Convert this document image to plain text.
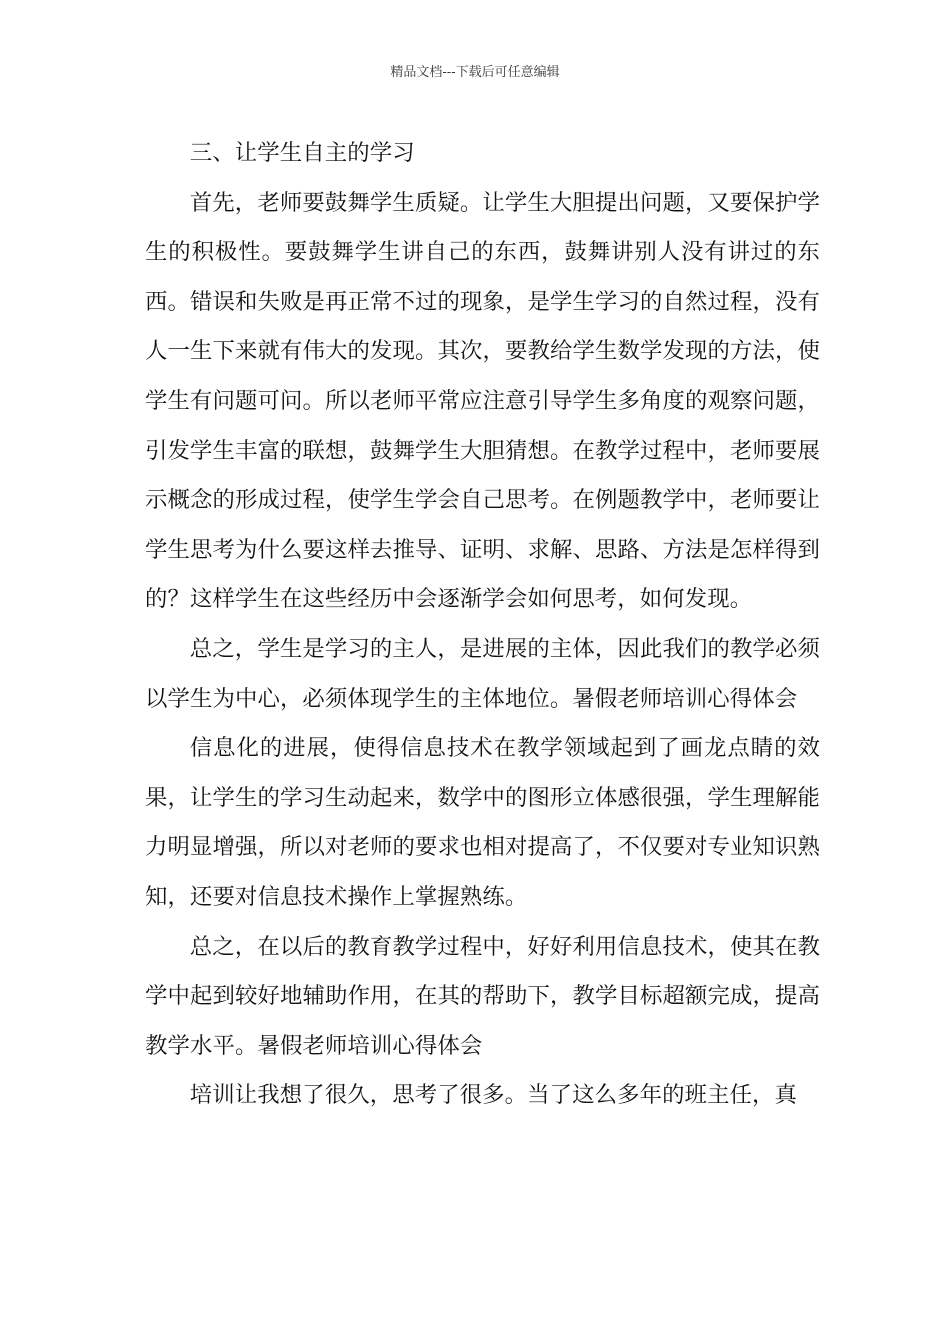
精品文档---下载后可任意编辑

三、让学生自主的学习

首先，老师要鼓舞学生质疑。让学生大胆提出问题，又要保护学生的积极性。要鼓舞学生讲自己的东西，鼓舞讲别人没有讲过的东西。错误和失败是再正常不过的现象，是学生学习的自然过程，没有人一生下来就有伟大的发现。其次，要教给学生数学发现的方法，使学生有问题可问。所以老师平常应注意引导学生多角度的观察问题，引发学生丰富的联想，鼓舞学生大胆猜想。在教学过程中，老师要展示概念的形成过程，使学生学会自己思考。在例题教学中，老师要让学生思考为什么要这样去推导、证明、求解、思路、方法是怎样得到的？这样学生在这些经历中会逐渐学会如何思考，如何发现。

总之，学生是学习的主人，是进展的主体，因此我们的教学必须以学生为中心，必须体现学生的主体地位。暑假老师培训心得体会

信息化的进展，使得信息技术在教学领域起到了画龙点睛的效果，让学生的学习生动起来，数学中的图形立体感很强，学生理解能力明显增强，所以对老师的要求也相对提高了，不仅要对专业知识熟知，还要对信息技术操作上掌握熟练。

总之，在以后的教育教学过程中，好好利用信息技术，使其在教学中起到较好地辅助作用，在其的帮助下，教学目标超额完成，提高教学水平。暑假老师培训心得体会

培训让我想了很久，思考了很多。当了这么多年的班主任，真
